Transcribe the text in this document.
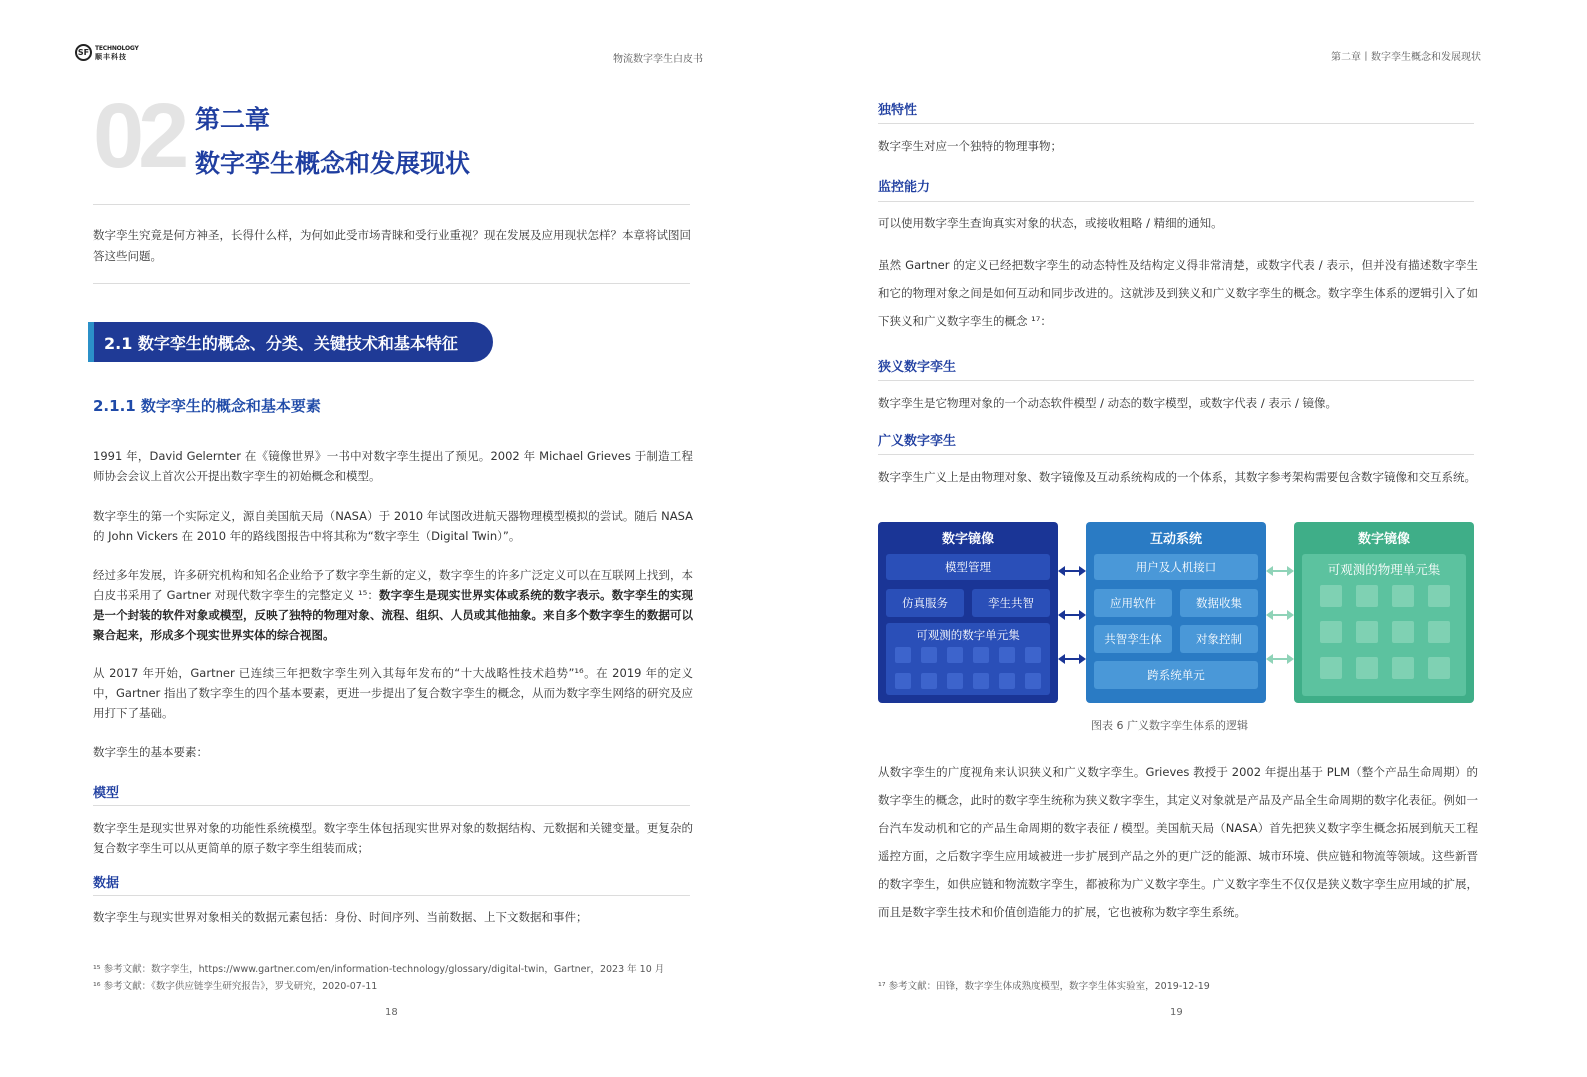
SF TECHNOLOGY
顺丰科技	物流数字孪生白皮书
02 第二章
数字孪生概念和发展现状
数字孪生究竟是何方神圣，长得什么样，为何如此受市场青睐和受行业重视？现在发展及应用现状怎样？本章将试图回答这些问题。
2.1 数字孪生的概念、分类、关键技术和基本特征
2.1.1 数字孪生的概念和基本要素
1991 年，David Gelernter 在《镜像世界》一书中对数字孪生提出了预见。2002 年 Michael Grieves 于制造工程师协会会议上首次公开提出数字孪生的初始概念和模型。
数字孪生的第一个实际定义，源自美国航天局（NASA）于 2010 年试图改进航天器物理模型模拟的尝试。随后 NASA 的 John Vickers 在 2010 年的路线图报告中将其称为“数字孪生（Digital Twin）”。
经过多年发展，许多研究机构和知名企业给予了数字孪生新的定义，数字孪生的许多广泛定义可以在互联网上找到，本白皮书采用了 Gartner 对现代数字孪生的完整定义 ¹⁵：数字孪生是现实世界实体或系统的数字表示。数字孪生的实现是一个封装的软件对象或模型，反映了独特的物理对象、流程、组织、人员或其他抽象。来自多个数字孪生的数据可以聚合起来，形成多个现实世界实体的综合视图。
从 2017 年开始，Gartner 已连续三年把数字孪生列入其每年发布的“十大战略性技术趋势”¹⁶。在 2019 年的定义中，Gartner 指出了数字孪生的四个基本要素，更进一步提出了复合数字孪生的概念，从而为数字孪生网络的研究及应用打下了基础。
数字孪生的基本要素：
模型
数字孪生是现实世界对象的功能性系统模型。数字孪生体包括现实世界对象的数据结构、元数据和关键变量。更复杂的复合数字孪生可以从更简单的原子数字孪生组装而成；
数据
数字孪生与现实世界对象相关的数据元素包括：身份、时间序列、当前数据、上下文数据和事件；
¹⁵ 参考文献：数字孪生，https://www.gartner.com/en/information-technology/glossary/digital-twin，Gartner，2023 年 10 月
¹⁶ 参考文献：《数字供应链孪生研究报告》，罗戈研究，2020-07-11
18
第二章丨数字孪生概念和发展现状
独特性
数字孪生对应一个独特的物理事物；
监控能力
可以使用数字孪生查询真实对象的状态，或接收粗略 / 精细的通知。
虽然 Gartner 的定义已经把数字孪生的动态特性及结构定义得非常清楚，或数字代表 / 表示，但并没有描述数字孪生和它的物理对象之间是如何互动和同步改进的。这就涉及到狭义和广义数字孪生的概念。数字孪生体系的逻辑引入了如下狭义和广义数字孪生的概念 ¹⁷：
狭义数字孪生
数字孪生是它物理对象的一个动态软件模型 / 动态的数字模型，或数字代表 / 表示 / 镜像。
广义数字孪生
数字孪生广义上是由物理对象、数字镜像及互动系统构成的一个体系，其数字参考架构需要包含数字镜像和交互系统。
数字镜像
模型管理
仿真服务	孪生共智
可观测的数字单元集
互动系统
用户及人机接口
应用软件	数据收集
共智孪生体	对象控制
跨系统单元
数字镜像
可观测的物理单元集
图表 6 广义数字孪生体系的逻辑
从数字孪生的广度视角来认识狭义和广义数字孪生。Grieves 教授于 2002 年提出基于 PLM（整个产品生命周期）的数字孪生的概念，此时的数字孪生统称为狭义数字孪生，其定义对象就是产品及产品全生命周期的数字化表征。例如一台汽车发动机和它的产品生命周期的数字表征 / 模型。美国航天局（NASA）首先把狭义数字孪生概念拓展到航天工程遥控方面，之后数字孪生应用域被进一步扩展到产品之外的更广泛的能源、城市环境、供应链和物流等领域。这些新晋的数字孪生，如供应链和物流数字孪生，都被称为广义数字孪生。广义数字孪生不仅仅是狭义数字孪生应用域的扩展，而且是数字孪生技术和价值创造能力的扩展，它也被称为数字孪生系统。
¹⁷ 参考文献：田锋，数字孪生体成熟度模型，数字孪生体实验室，2019-12-19
19
